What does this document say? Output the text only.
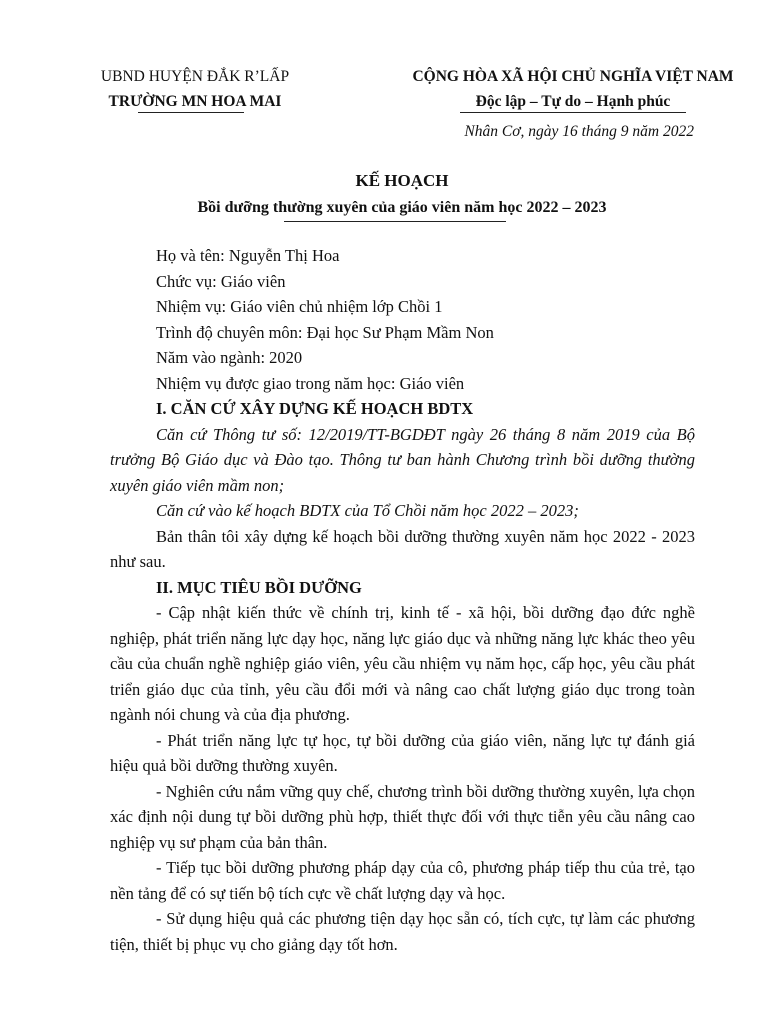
UBND HUYỆN ĐẮK R’LẤP
TRƯỜNG MN HOA MAI
CỘNG HÒA XÃ HỘI CHỦ NGHĨA VIỆT NAM
Độc lập – Tự do – Hạnh phúc
Nhân Cơ, ngày 16 tháng 9 năm 2022
KẾ HOẠCH
Bồi dưỡng thường xuyên của giáo viên năm học 2022 – 2023
Họ và tên: Nguyễn Thị Hoa
Chức vụ: Giáo viên
Nhiệm vụ: Giáo viên chủ nhiệm lớp Chồi 1
Trình độ chuyên môn: Đại học Sư Phạm Mầm Non
Năm vào ngành: 2020
Nhiệm vụ được giao trong năm học: Giáo viên
I. CĂN CỨ XÂY DỰNG KẾ HOẠCH BDTX
Căn cứ Thông tư số: 12/2019/TT-BGDĐT ngày 26 tháng 8 năm 2019 của Bộ trưởng Bộ Giáo dục và Đào tạo. Thông tư ban hành Chương trình bồi dưỡng thường xuyên giáo viên mầm non;
Căn cứ vào kế hoạch BDTX của Tổ Chồi năm học 2022 – 2023;
Bản thân tôi xây dựng kế hoạch bồi dưỡng thường xuyên năm học 2022 - 2023 như sau.
II. MỤC TIÊU BỒI DƯỠNG
- Cập nhật kiến thức về chính trị, kinh tế - xã hội, bồi dưỡng đạo đức nghề nghiệp, phát triển năng lực dạy học, năng lực giáo dục và những năng lực khác theo yêu cầu của chuẩn nghề nghiệp giáo viên, yêu cầu nhiệm vụ năm học, cấp học, yêu cầu phát triển giáo dục của tỉnh, yêu cầu đổi mới và nâng cao chất lượng giáo dục trong toàn ngành nói chung và của địa phương.
- Phát triển năng lực tự học, tự bồi dưỡng của giáo viên, năng lực tự đánh giá hiệu quả bồi dưỡng thường xuyên.
- Nghiên cứu nắm vững quy chế, chương trình bồi dưỡng thường xuyên, lựa chọn xác định nội dung tự bồi dưỡng phù hợp, thiết thực đối với thực tiễn yêu cầu nâng cao nghiệp vụ sư phạm của bản thân.
- Tiếp tục bồi dưỡng phương pháp dạy của cô, phương pháp tiếp thu của trẻ, tạo nền tảng để có sự tiến bộ tích cực về chất lượng dạy và học.
- Sử dụng hiệu quả các phương tiện dạy học sẵn có, tích cực, tự làm các phương tiện, thiết bị phục vụ cho giảng dạy tốt hơn.
